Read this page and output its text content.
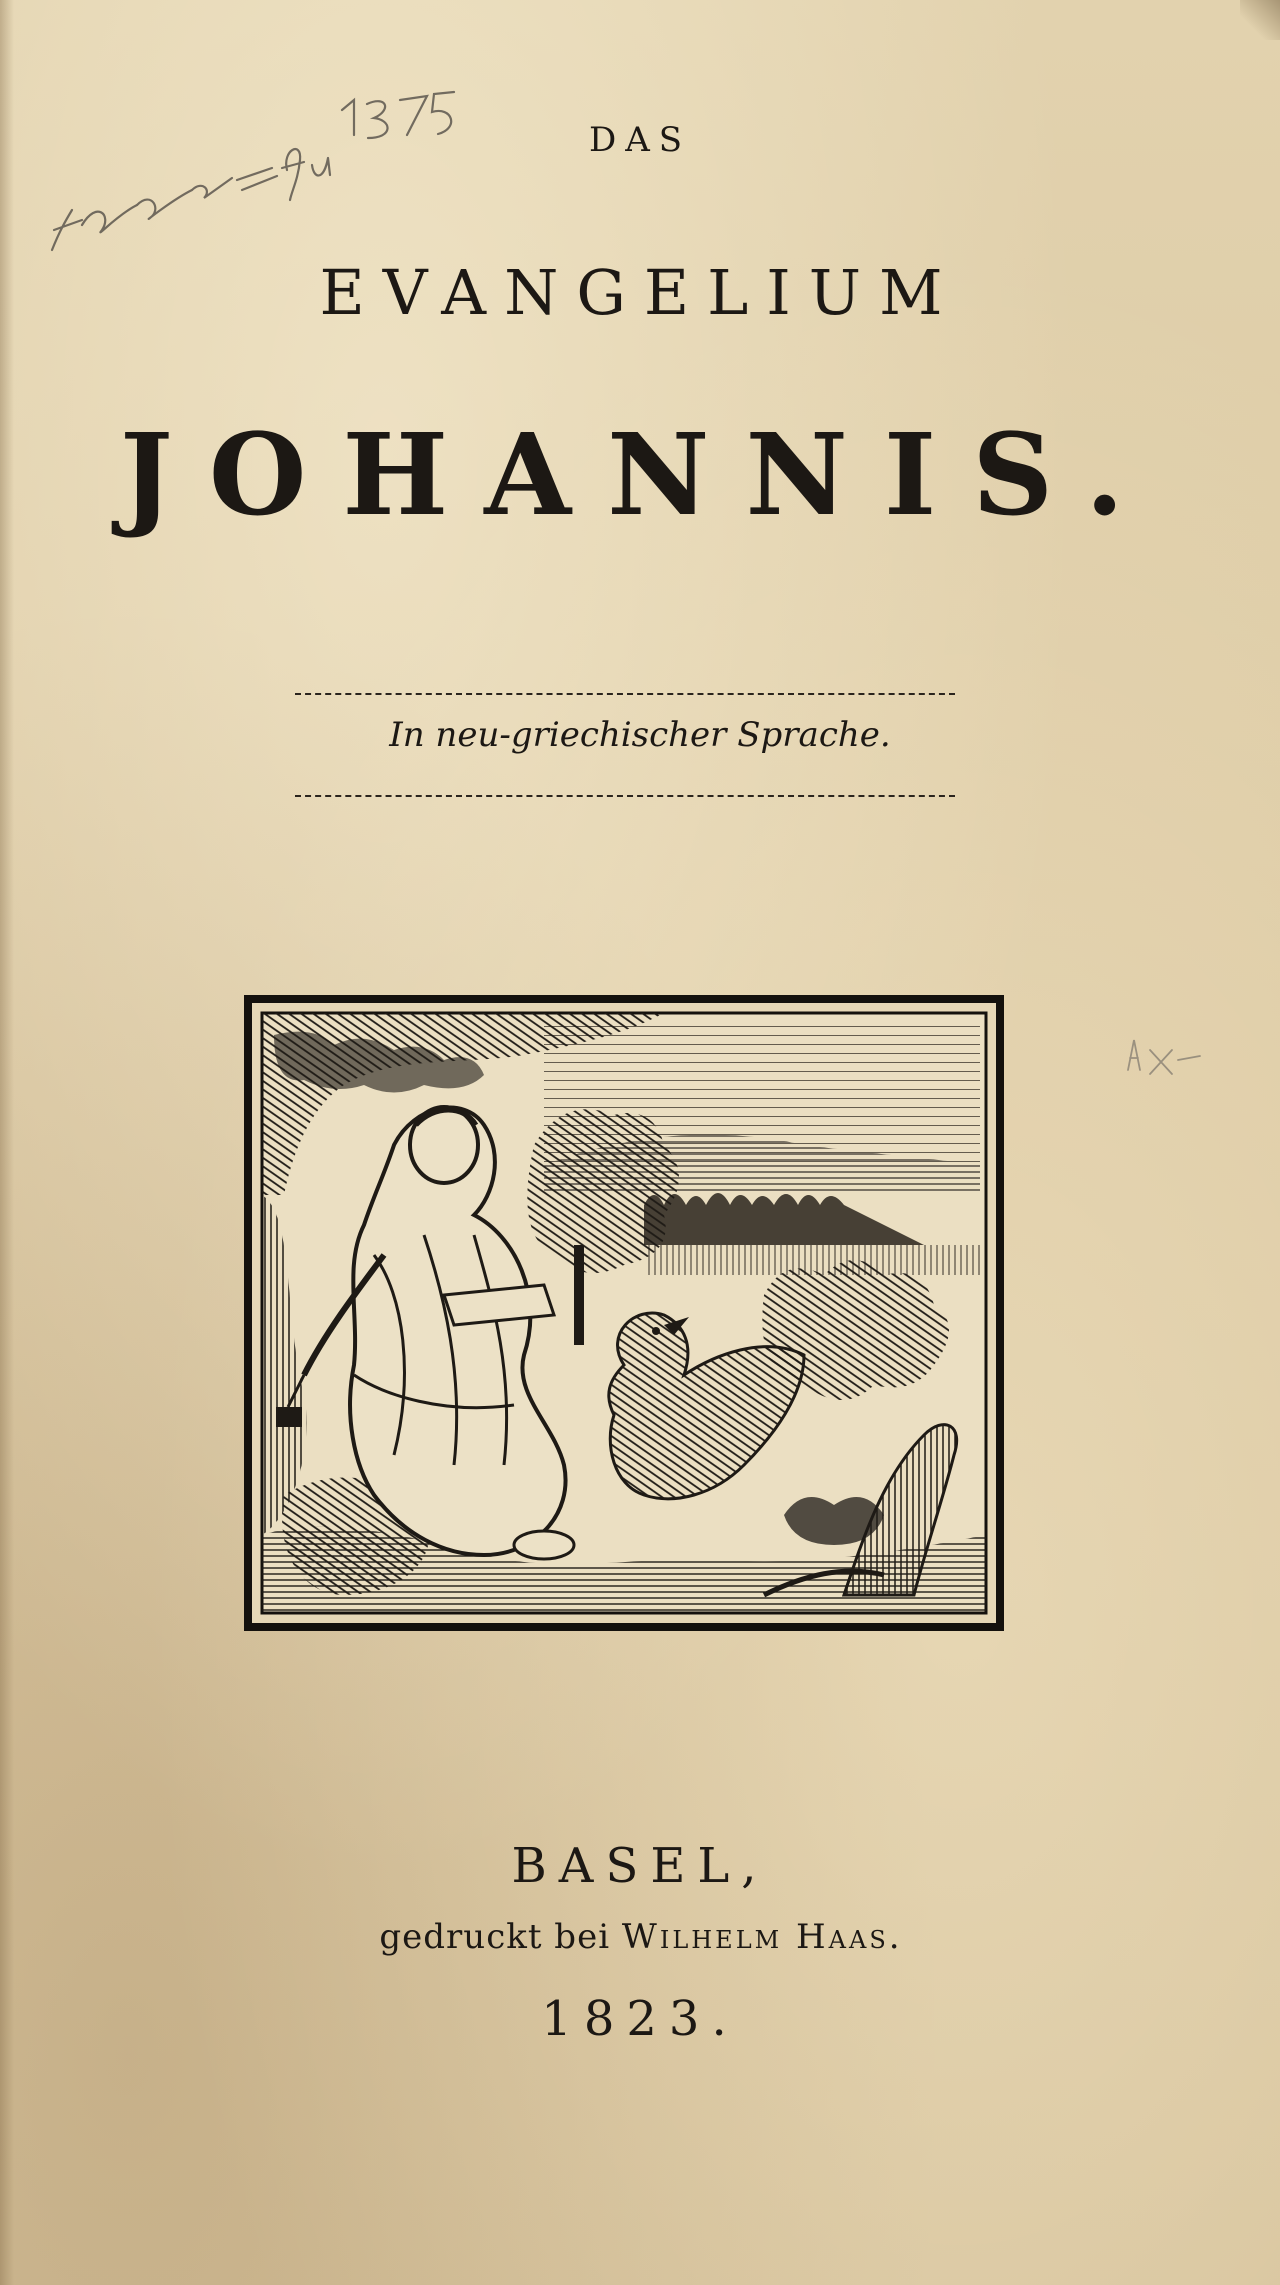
DAS
EVANGELIUM
JOHANNIS.
In neu-griechischer Sprache.
BASEL,
gedruckt bei Wilhelm Haas.
1823.
